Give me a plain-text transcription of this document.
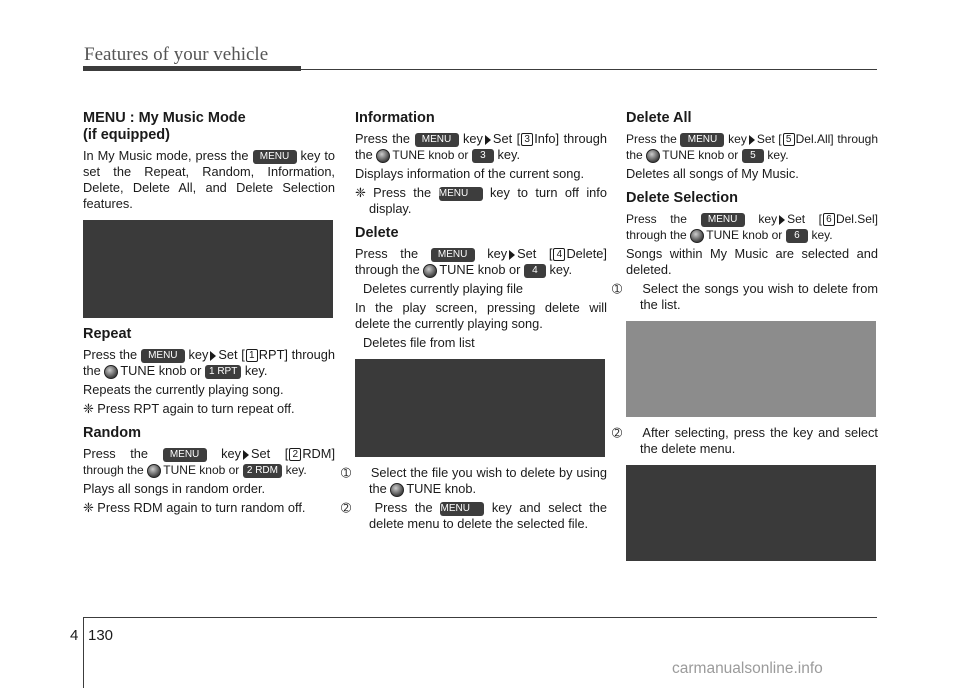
Features of your vehicle
MENU : My Music Mode
(if equipped)

In My Music mode, press the MENU key to set the Repeat, Random, Information, Delete, Delete All, and Delete Selection features.

Repeat

Press the MENU key Set [ 1 RPT] through the TUNE knob or 1 RPT key.

Repeats the currently playing song.

❈ Press RPT again to turn repeat off.

Random

Press the MENU key Set [ 2 RDM] through the TUNE knob or 2 RDM key.

Plays all songs in random order.

❈ Press RDM again to turn random off.

Information

Press the MENU key Set [ 3 Info] through the TUNE knob or 3 key.

Displays information of the current song.

❈ Press the MENU key to turn off info display.

Delete

Press the MENU key Set [ 4 Delete] through the TUNE knob or 4 key.

Deletes currently playing file

In the play screen, pressing delete will delete the currently playing song.

Deletes file from list

➀ Select the file you wish to delete by using the TUNE knob.

➁ Press the MENU key and select the delete menu to delete the selected file.

Delete All

Press the MENU key Set [ 5 Del.All] through the TUNE knob or 5 key.

Deletes all songs of My Music.

Delete Selection

Press the MENU key Set [ 6 Del.Sel] through the TUNE knob or 6 key.

Songs within My Music are selected and deleted.

➀ Select the songs you wish to delete from the list.

➁ After selecting, press the key and select the delete menu.

4 130
carmanualsonline.info
